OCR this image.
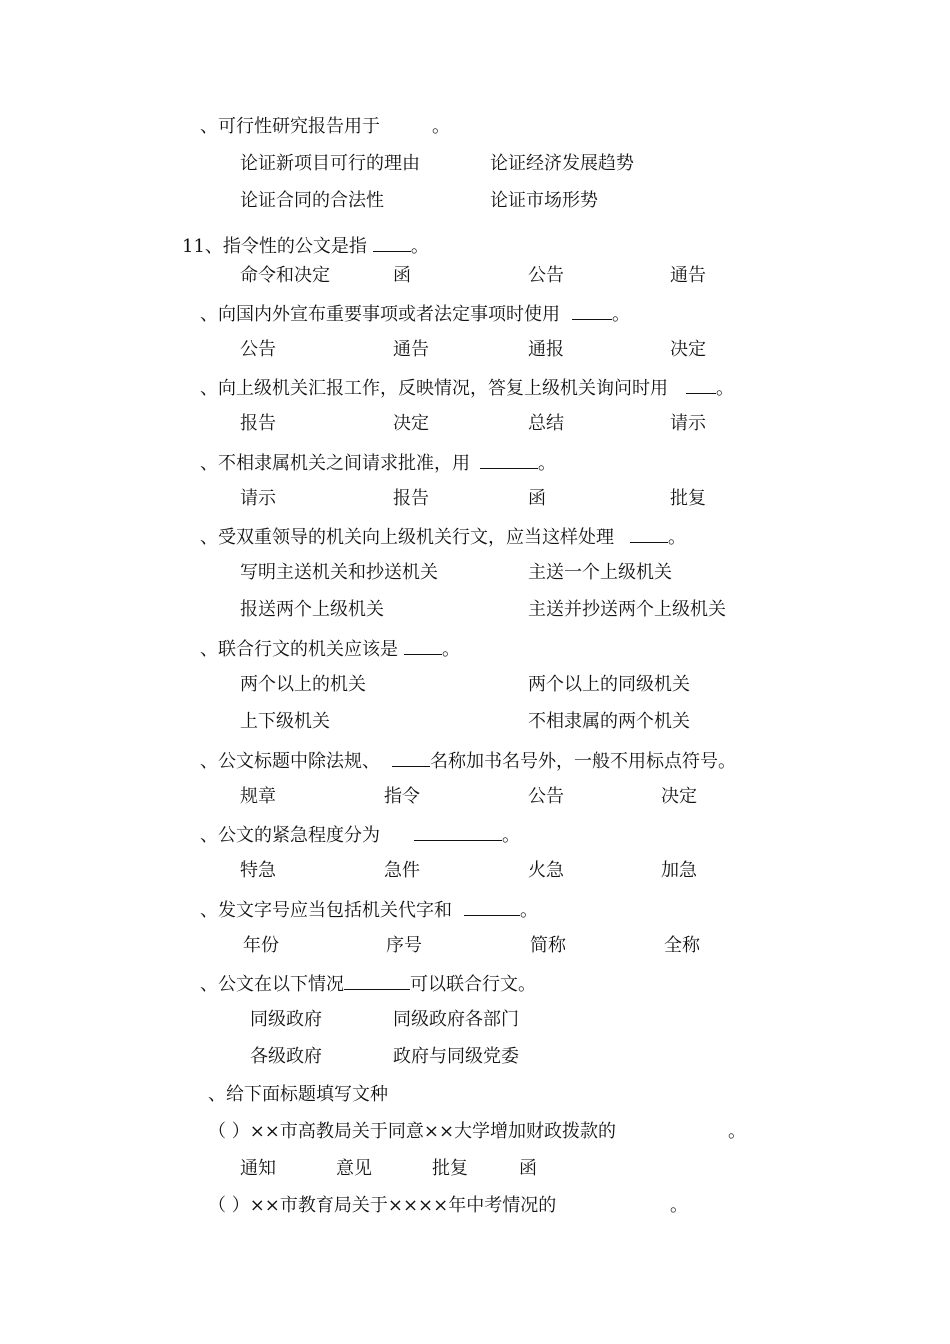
、可行性研究报告用于	。
论证新项目可行的理由	论证经济发展趋势
论证合同的合法性	论证市场形势
11、指令性的公文是指 。
命令和决定	函	公告	通告
、向国内外宣布重要事项或者法定事项时使用	。
公告	通告	通报	决定
、向上级机关汇报工作，反映情况，答复上级机关询问时用	。
报告	决定	总结	请示
、不相隶属机关之间请求批准，用	。
请示	报告	函	批复
、受双重领导的机关向上级机关行文，应当这样处理	。
写明主送机关和抄送机关	主送一个上级机关
报送两个上级机关	主送并抄送两个上级机关
、联合行文的机关应该是 。
两个以上的机关	两个以上的同级机关
上下级机关	不相隶属的两个机关
、公文标题中除法规、	名称加书名号外，一般不用标点符号。
规章	指令	公告	决定
、公文的紧急程度分为	。
特急	急件	火急	加急
、发文字号应当包括机关代字和	。
年份	序号	简称	全称
、公文在以下情况	可以联合行文。
同级政府	同级政府各部门
各级政府	政府与同级党委
、给下面标题填写文种
（ ）××市高教局关于同意××大学增加财政拨款的	。
通知	意见	批复	函
（ ）××市教育局关于××××年中考情况的	。
